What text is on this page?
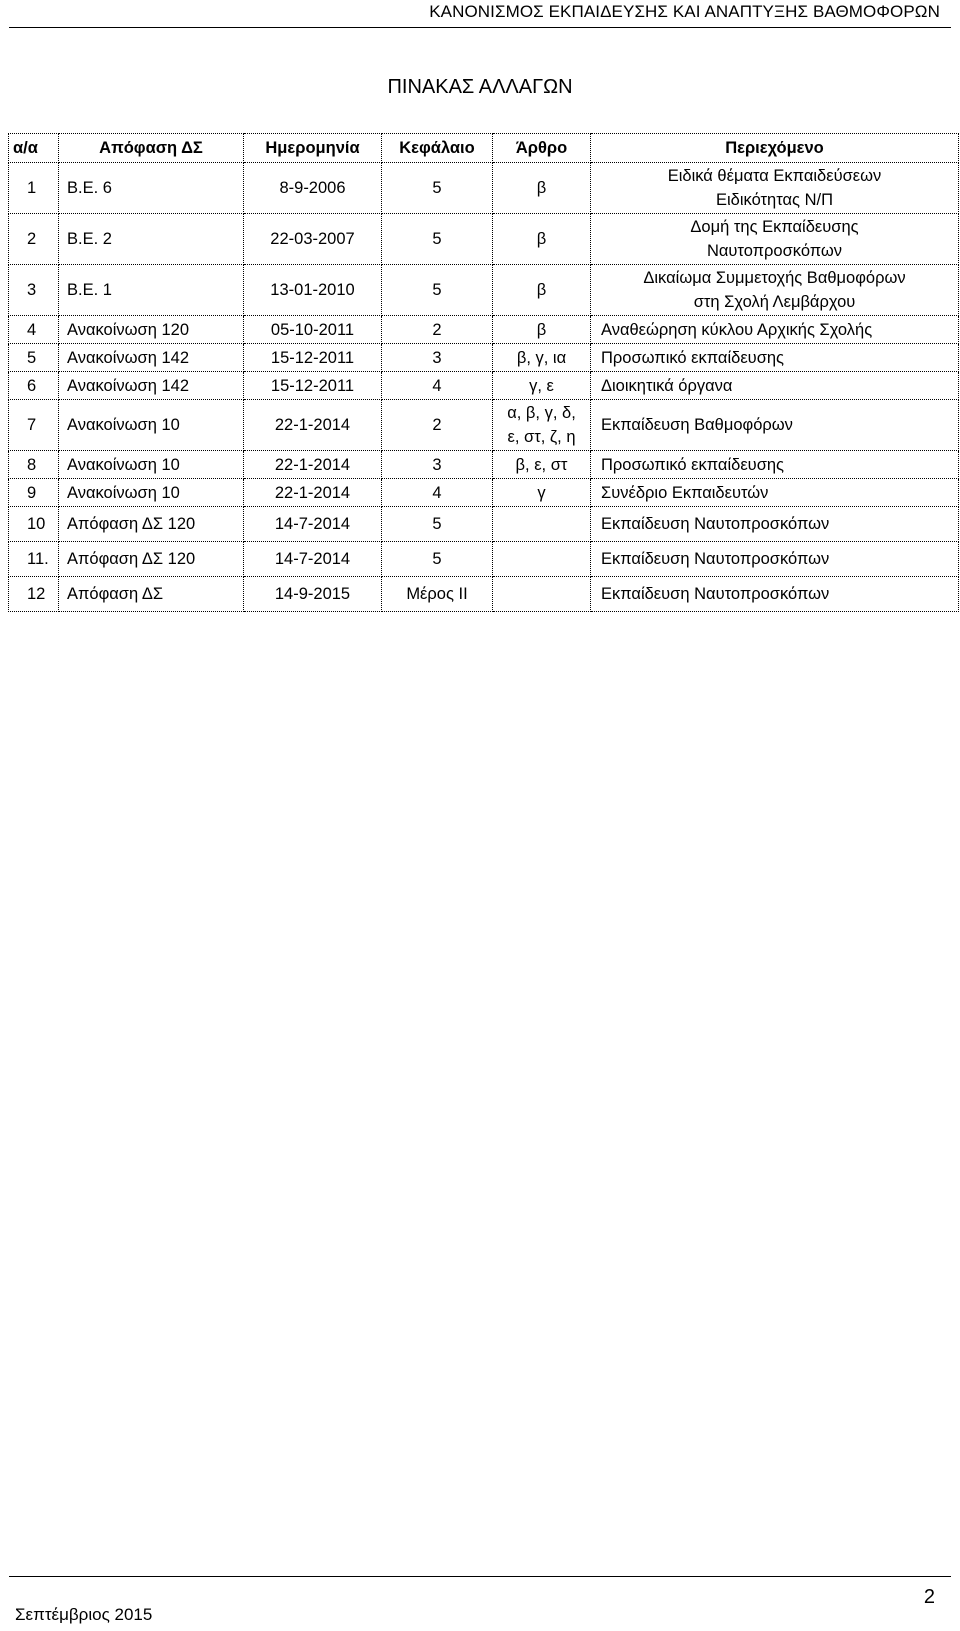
ΚΑΝΟΝΙΣΜΟΣ ΕΚΠΑΙΔΕΥΣΗΣ ΚΑΙ ΑΝΑΠΤΥΞΗΣ ΒΑΘΜΟΦΟΡΩΝ
ΠΙΝΑΚΑΣ ΑΛΛΑΓΩΝ
α/α	Απόφαση ΔΣ	Ημερομηνία	Κεφάλαιο	Άρθρο	Περιεχόμενο
1	Β.Ε. 6	8-9-2006	5	β	Ειδικά θέματα Εκπαιδεύσεων
Ειδικότητας Ν/Π

2	Β.Ε. 2	22-03-2007	5	β	Δομή της Εκπαίδευσης
Ναυτοπροσκόπων

3	Β.Ε. 1	13-01-2010	5	β	Δικαίωμα Συμμετοχής Βαθμοφόρων
στη Σχολή Λεμβάρχου

4	Ανακοίνωση 120	05-10-2011	2	β	Αναθεώρηση κύκλου Αρχικής Σχολής
5	Ανακοίνωση 142	15-12-2011	3	β, γ, ια	Προσωπικό εκπαίδευσης
6	Ανακοίνωση 142	15-12-2011	4	γ, ε	Διοικητικά όργανα
7	Ανακοίνωση 10	22-1-2014	2	α, β, γ, δ,
ε, στ, ζ, η	Εκπαίδευση Βαθμοφόρων
8	Ανακοίνωση 10	22-1-2014	3	β, ε, στ	Προσωπικό εκπαίδευσης
9	Ανακοίνωση 10	22-1-2014	4	γ	Συνέδριο Εκπαιδευτών
10	Απόφαση ΔΣ 120	14-7-2014	5		Εκπαίδευση Ναυτοπροσκόπων
11.	Απόφαση ΔΣ 120	14-7-2014	5		Εκπαίδευση Ναυτοπροσκόπων
12	Απόφαση ΔΣ	14-9-2015	Μέρος ΙΙ		Εκπαίδευση Ναυτοπροσκόπων
2
Σεπτέμβριος 2015
